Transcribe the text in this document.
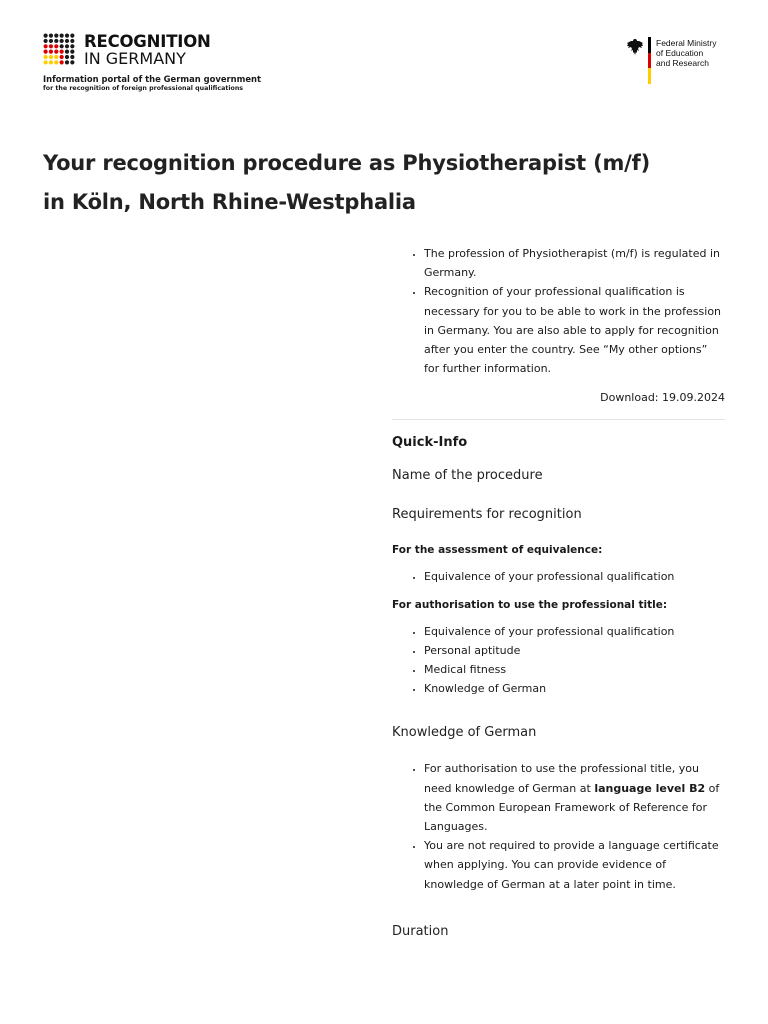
RECOGNITION
IN GERMANY
Information portal of the German government
for the recognition of foreign professional qualifications
Federal Ministry
of Education
and Research
Your recognition procedure as Physiotherapist (m/f)
in Köln, North Rhine-Westphalia
• The profession of Physiotherapist (m/f) is regulated in Germany.
• Recognition of your professional qualification is necessary for you to be able to work in the profession in Germany. You are also able to apply for recognition after you enter the country. See “My other options” for further information.
Download: 19.09.2024
Quick-Info
Name of the procedure
Requirements for recognition
For the assessment of equivalence:
• Equivalence of your professional qualification
For authorisation to use the professional title:
• Equivalence of your professional qualification
• Personal aptitude
• Medical fitness
• Knowledge of German
Knowledge of German
• For authorisation to use the professional title, you need knowledge of German at language level B2 of the Common European Framework of Reference for Languages.
• You are not required to provide a language certificate when applying. You can provide evidence of knowledge of German at a later point in time.
Duration
